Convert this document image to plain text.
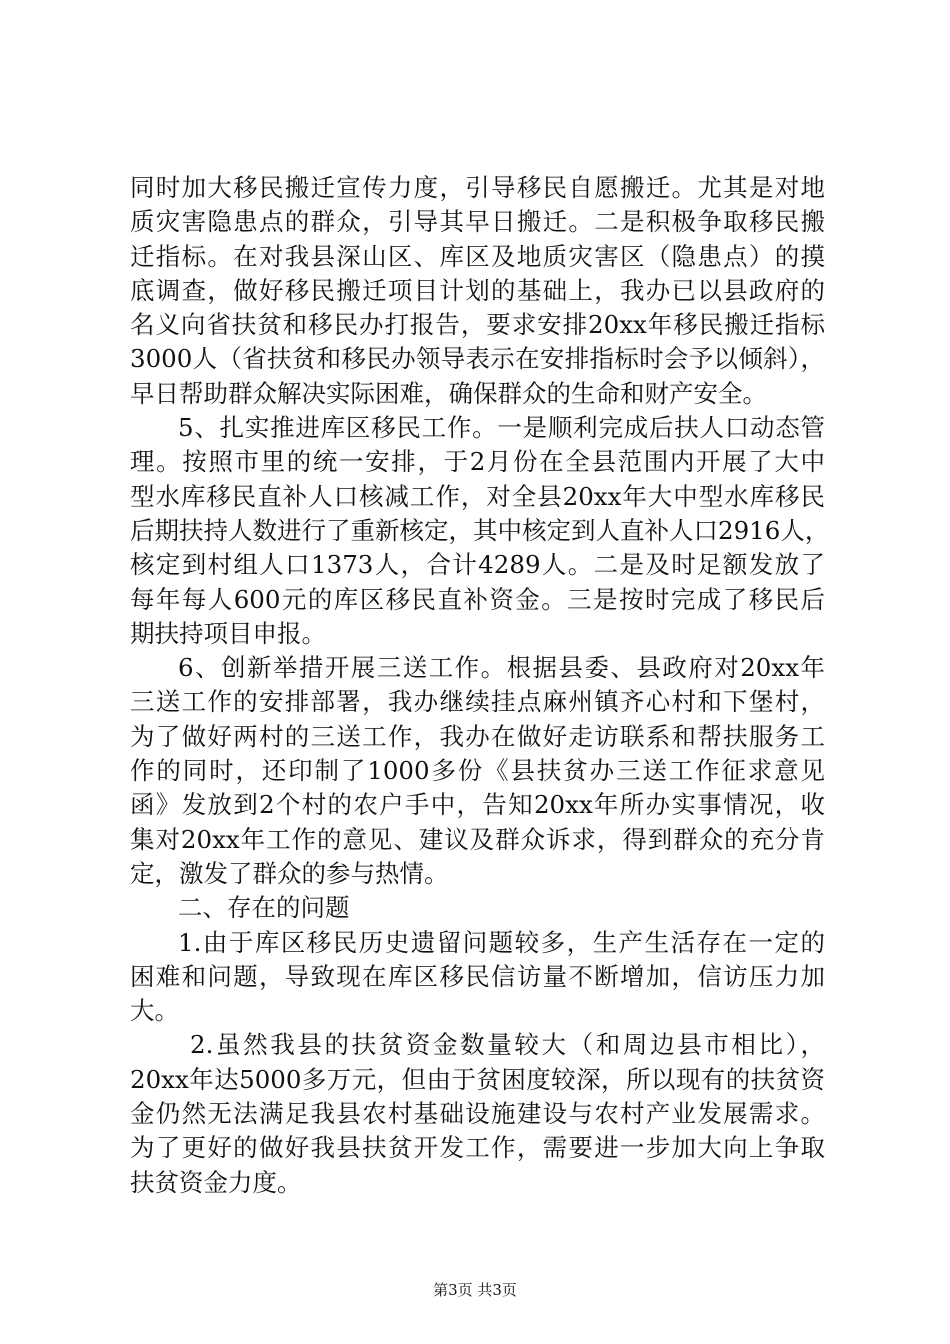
同时加大移民搬迁宣传力度，引导移民自愿搬迁。尤其是对地
质灾害隐患点的群众，引导其早日搬迁。二是积极争取移民搬
迁指标。在对我县深山区、库区及地质灾害区（隐患点）的摸
底调查，做好移民搬迁项目计划的基础上，我办已以县政府的
名义向省扶贫和移民办打报告，要求安排20xx年移民搬迁指标
3000人（省扶贫和移民办领导表示在安排指标时会予以倾斜），
早日帮助群众解决实际困难，确保群众的生命和财产安全。
5、扎实推进库区移民工作。一是顺利完成后扶人口动态管
理。按照市里的统一安排，于2月份在全县范围内开展了大中
型水库移民直补人口核减工作，对全县20xx年大中型水库移民
后期扶持人数进行了重新核定，其中核定到人直补人口2916人，
核定到村组人口1373人，合计4289人。二是及时足额发放了
每年每人600元的库区移民直补资金。三是按时完成了移民后
期扶持项目申报。
6、创新举措开展三送工作。根据县委、县政府对20xx年
三送工作的安排部署，我办继续挂点麻州镇齐心村和下堡村，
为了做好两村的三送工作，我办在做好走访联系和帮扶服务工
作的同时，还印制了1000多份《县扶贫办三送工作征求意见
函》发放到2个村的农户手中，告知20xx年所办实事情况，收
集对20xx年工作的意见、建议及群众诉求，得到群众的充分肯
定，激发了群众的参与热情。
二、存在的问题
1.由于库区移民历史遗留问题较多，生产生活存在一定的
困难和问题，导致现在库区移民信访量不断增加，信访压力加
大。
2.虽然我县的扶贫资金数量较大（和周边县市相比），
20xx年达5000多万元，但由于贫困度较深，所以现有的扶贫资
金仍然无法满足我县农村基础设施建设与农村产业发展需求。
为了更好的做好我县扶贫开发工作，需要进一步加大向上争取
扶贫资金力度。
第3页 共3页
